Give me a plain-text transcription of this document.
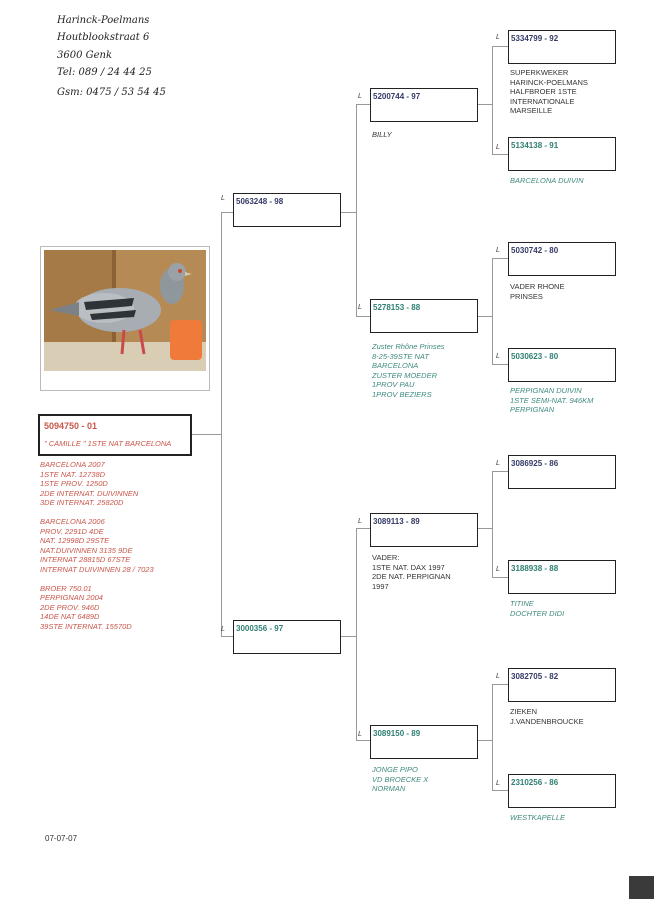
Harinck-Poelmans
Houtblookstraat 6
3600 Genk
Tel: 089 / 24 44 25
Gsm: 0475 / 53 54 45
5094750 - 01
" CAMILLE " 1STE NAT BARCELONA
BARCELONA 2007
1STE NAT. 12738D
1STE PROV. 1250D
2DE INTERNAT. DUIVINNEN
3DE INTERNAT. 25820D

BARCELONA 2006
PROV. 2291D 4DE
NAT. 12998D 29STE
NAT.DUIVINNEN 3135 9DE
INTERNAT 28815D 67STE
INTERNAT DUIVINNEN 28 / 7023

BROER 750.01
PERPIGNAN 2004
2DE PROV. 946D
14DE NAT 6489D
39STE INTERNAT. 15570D
L 5063248 - 98
L 3000356 - 97
L 5200744 - 97
BILLY
L 5278153 - 88
Zuster Rhône Prinses
8-25-39STE NAT
BARCELONA
ZUSTER MOEDER
1PROV PAU
1PROV BEZIERS
L 3089113 - 89
VADER:
1STE NAT. DAX 1997
2DE NAT. PERPIGNAN
1997
L 3089150 - 89
JONGE PIPO
VD BROECKE X
NORMAN
L 5334799 - 92
SUPERKWEKER
HARINCK-POELMANS
HALFBROER 1STE
INTERNATIONALE
MARSEILLE
L 5134138 - 91
BARCELONA DUIVIN
L 5030742 - 80
VADER RHONE
PRINSES
L 5030623 - 80
PERPIGNAN DUIVIN
1STE SEMI-NAT. 946KM
PERPIGNAN
L 3086925 - 86
L 3188938 - 88
TITINE
DOCHTER DIDI
L 3082705 - 82
ZIEKEN
J.VANDENBROUCKE
L 2310256 - 86
WESTKAPELLE
07-07-07
